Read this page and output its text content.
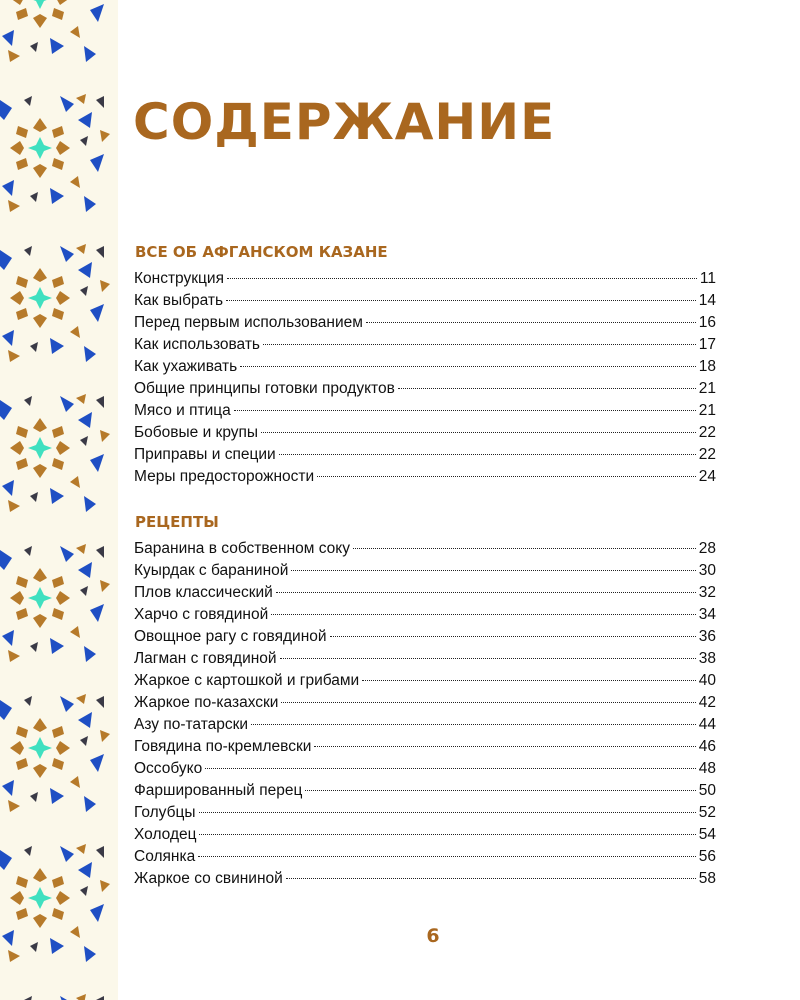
СОДЕРЖАНИЕ
ВСЕ ОБ АФГАНСКОМ КАЗАНЕ
Конструкция	11
Как выбрать	14
Перед первым использованием	16
Как использовать	17
Как ухаживать	18
Общие принципы готовки продуктов	21
Мясо и птица	21
Бобовые и крупы	22
Приправы и специи	22
Меры предосторожности	24
РЕЦЕПТЫ
Баранина в собственном соку	28
Куырдак с бараниной	30
Плов классический	32
Харчо с говядиной	34
Овощное рагу с говядиной	36
Лагман с говядиной	38
Жаркое с картошкой и грибами	40
Жаркое по-казахски	42
Азу по-татарски	44
Говядина по-кремлевски	46
Оссобуко	48
Фаршированный перец	50
Голубцы	52
Холодец	54
Солянка	56
Жаркое со свининой	58
6
